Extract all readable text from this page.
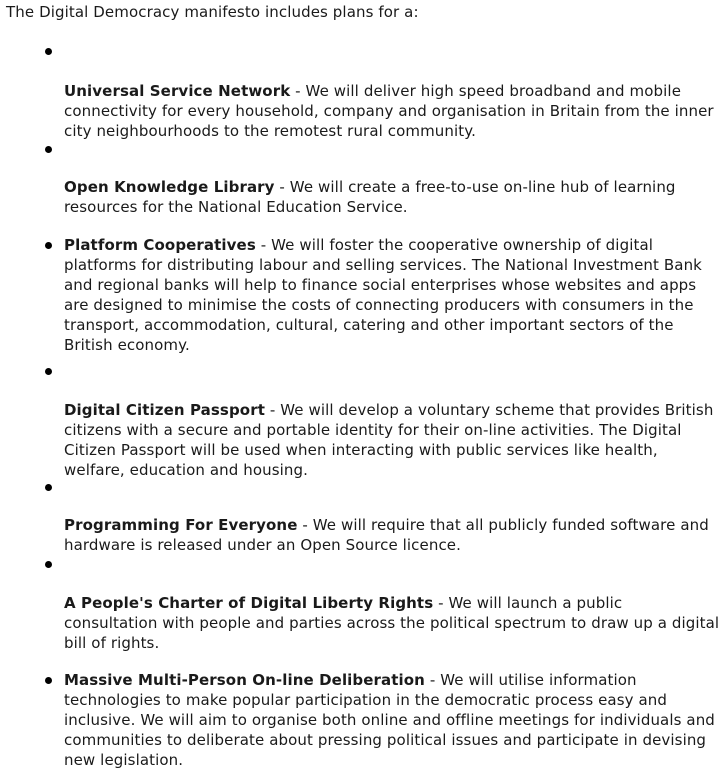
The Digital Democracy manifesto includes plans for a:

Universal Service Network - We will deliver high speed broadband and mobile connectivity for every household, company and organisation in Britain from the inner city neighbourhoods to the remotest rural community.

Open Knowledge Library - We will create a free-to-use on-line hub of learning resources for the National Education Service.

Platform Cooperatives - We will foster the cooperative ownership of digital platforms for distributing labour and selling services. The National Investment Bank and regional banks will help to finance social enterprises whose websites and apps are designed to minimise the costs of connecting producers with consumers in the transport, accommodation, cultural, catering and other important sectors of the British economy.

Digital Citizen Passport - We will develop a voluntary scheme that provides British citizens with a secure and portable identity for their on-line activities. The Digital Citizen Passport will be used when interacting with public services like health, welfare, education and housing.

Programming For Everyone - We will require that all publicly funded software and hardware is released under an Open Source licence.

A People's Charter of Digital Liberty Rights - We will launch a public consultation with people and parties across the political spectrum to draw up a digital bill of rights.

Massive Multi-Person On-line Deliberation - We will utilise information technologies to make popular participation in the democratic process easy and inclusive. We will aim to organise both online and offline meetings for individuals and communities to deliberate about pressing political issues and participate in devising new legislation.
